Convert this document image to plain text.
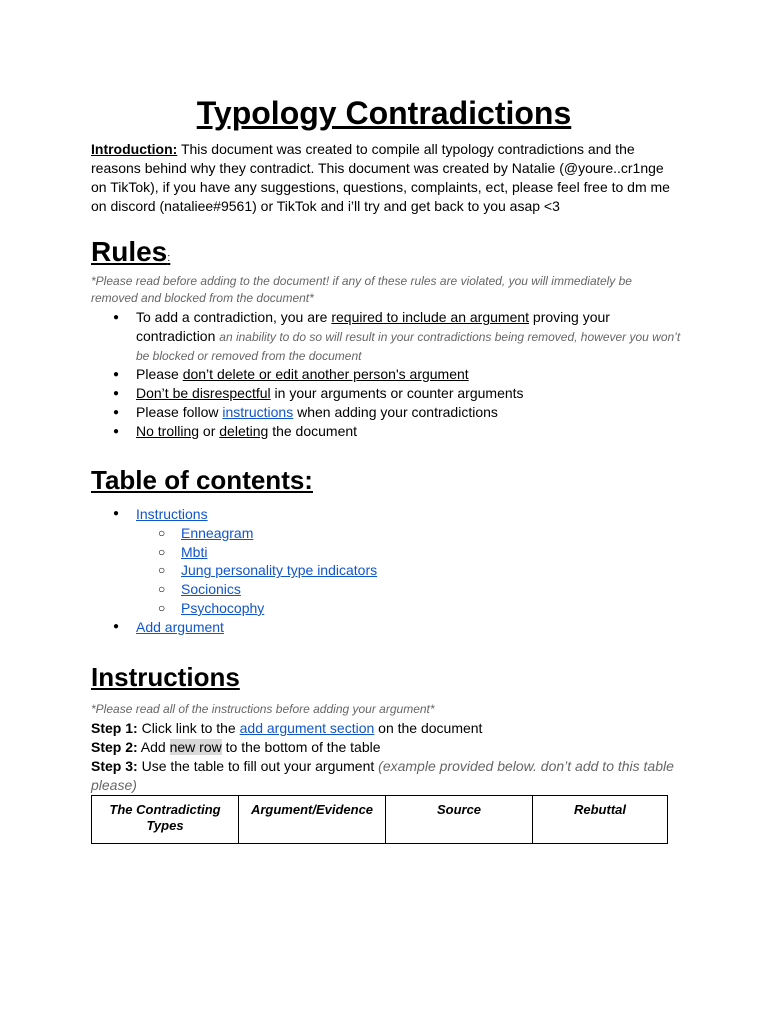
Typology Contradictions
Introduction: This document was created to compile all typology contradictions and the reasons behind why they contradict. This document was created by Natalie (@youre..cr1nge on TikTok), if you have any suggestions, questions, complaints, ect, please feel free to dm me on discord (nataliee#9561) or TikTok and i’ll try and get back to you asap <3
Rules:
*Please read before adding to the document! if any of these rules are violated, you will immediately be removed and blocked from the document*
● To add a contradiction, you are required to include an argument proving your contradiction an inability to do so will result in your contradictions being removed, however you won’t be blocked or removed from the document
● Please don’t delete or edit another person's argument
● Don’t be disrespectful in your arguments or counter arguments
● Please follow instructions when adding your contradictions
● No trolling or deleting the document
Table of contents:
● Instructions
○ Enneagram
○ Mbti
○ Jung personality type indicators
○ Socionics
○ Psychocophy
● Add argument
Instructions
*Please read all of the instructions before adding your argument*
Step 1: Click link to the add argument section on the document
Step 2: Add new row to the bottom of the table
Step 3: Use the table to fill out your argument (example provided below. don’t add to this table please)
The Contradicting Types	Argument/Evidence	Source	Rebuttal
